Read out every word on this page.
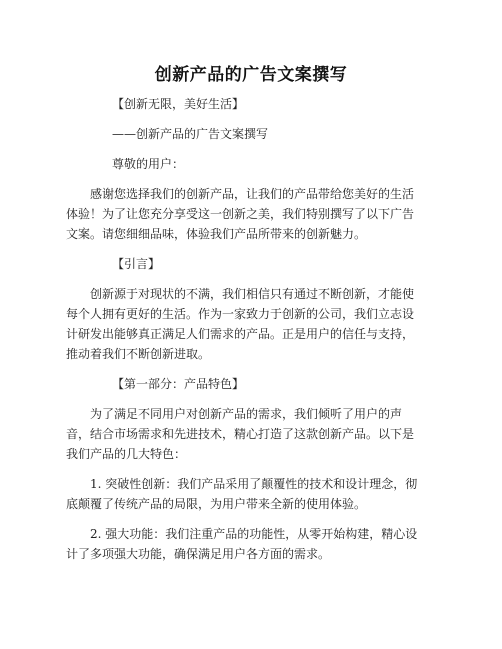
创新产品的广告文案撰写

【创新无限，美好生活】

——创新产品的广告文案撰写

尊敬的用户：

感谢您选择我们的创新产品，让我们的产品带给您美好的生活体验！为了让您充分享受这一创新之美，我们特别撰写了以下广告文案。请您细细品味，体验我们产品所带来的创新魅力。

【引言】

创新源于对现状的不满，我们相信只有通过不断创新，才能使每个人拥有更好的生活。作为一家致力于创新的公司，我们立志设计研发出能够真正满足人们需求的产品。正是用户的信任与支持，推动着我们不断创新进取。

【第一部分：产品特色】

为了满足不同用户对创新产品的需求，我们倾听了用户的声音，结合市场需求和先进技术，精心打造了这款创新产品。以下是我们产品的几大特色：

1. 突破性创新：我们产品采用了颠覆性的技术和设计理念，彻底颠覆了传统产品的局限，为用户带来全新的使用体验。

2. 强大功能：我们注重产品的功能性，从零开始构建，精心设计了多项强大功能，确保满足用户各方面的需求。
